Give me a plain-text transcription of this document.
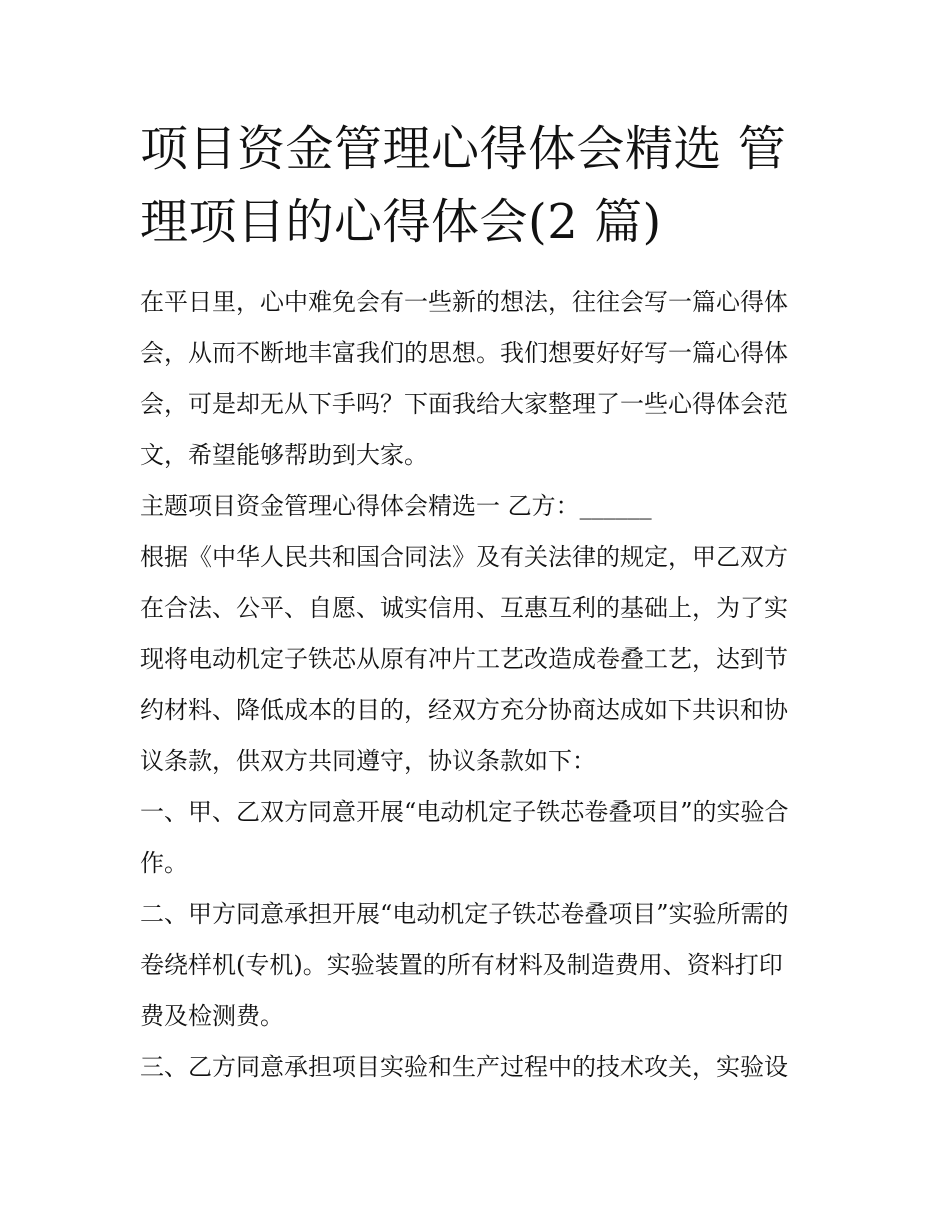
项目资金管理心得体会精选 管
理项目的心得体会(2 篇)

在平日里，心中难免会有一些新的想法，往往会写一篇心得体
会，从而不断地丰富我们的思想。我们想要好好写一篇心得体
会，可是却无从下手吗？下面我给大家整理了一些心得体会范
文，希望能够帮助到大家。

主题项目资金管理心得体会精选一 乙方：______

根据《中华人民共和国合同法》及有关法律的规定，甲乙双方
在合法、公平、自愿、诚实信用、互惠互利的基础上，为了实
现将电动机定子铁芯从原有冲片工艺改造成卷叠工艺，达到节
约材料、降低成本的目的，经双方充分协商达成如下共识和协
议条款，供双方共同遵守，协议条款如下：

一、甲、乙双方同意开展“电动机定子铁芯卷叠项目”的实验合
作。

二、甲方同意承担开展“电动机定子铁芯卷叠项目”实验所需的
卷绕样机(专机)。实验装置的所有材料及制造费用、资料打印
费及检测费。

三、乙方同意承担项目实验和生产过程中的技术攻关，实验设
